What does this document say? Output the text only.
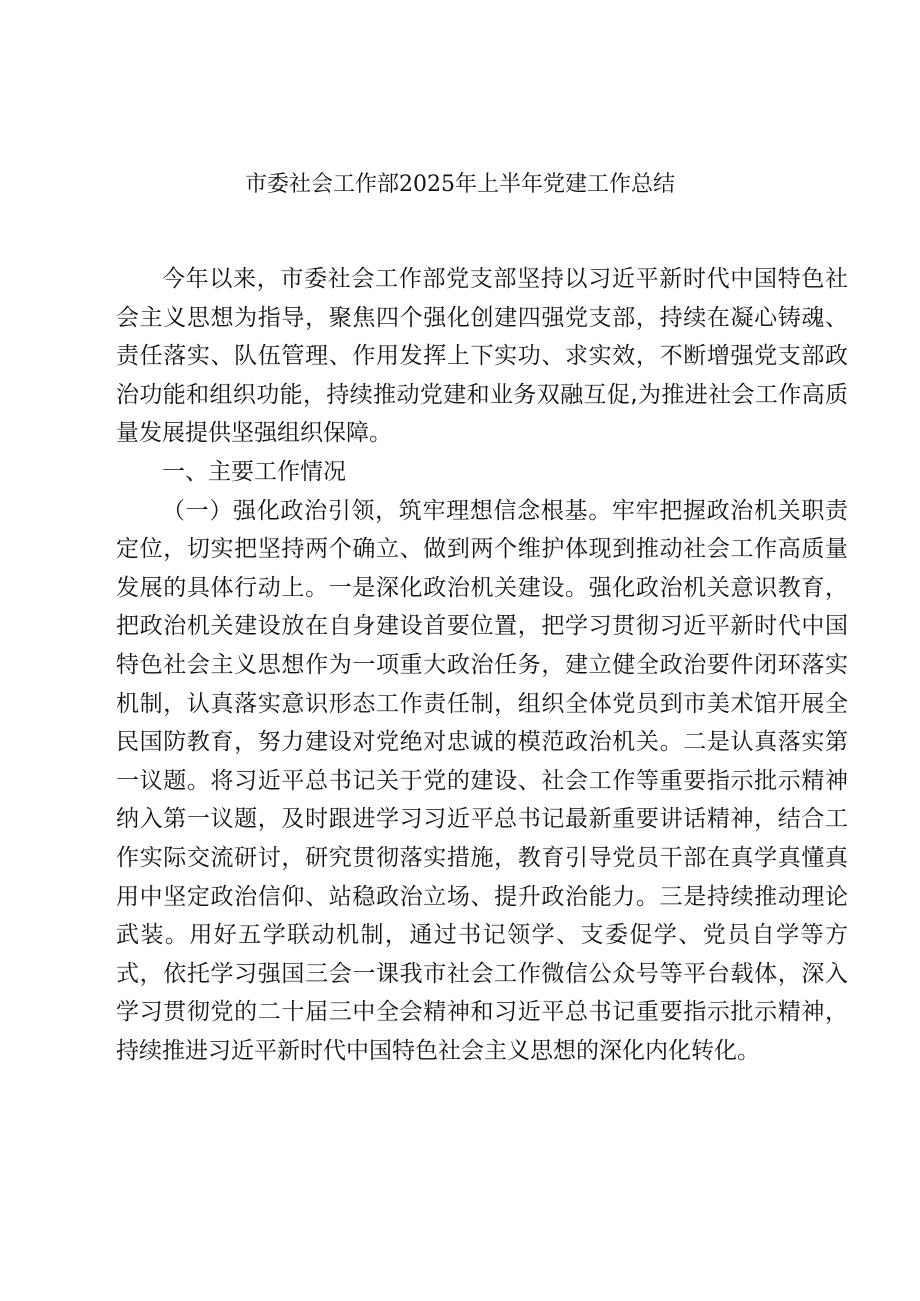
市委社会工作部2025年上半年党建工作总结

今年以来，市委社会工作部党支部坚持以习近平新时代中国特色社会主义思想为指导，聚焦四个强化创建四强党支部，持续在凝心铸魂、责任落实、队伍管理、作用发挥上下实功、求实效，不断增强党支部政治功能和组织功能，持续推动党建和业务双融互促,为推进社会工作高质量发展提供坚强组织保障。

一、主要工作情况

（一）强化政治引领，筑牢理想信念根基。牢牢把握政治机关职责定位，切实把坚持两个确立、做到两个维护体现到推动社会工作高质量发展的具体行动上。一是深化政治机关建设。强化政治机关意识教育，把政治机关建设放在自身建设首要位置，把学习贯彻习近平新时代中国特色社会主义思想作为一项重大政治任务，建立健全政治要件闭环落实机制，认真落实意识形态工作责任制，组织全体党员到市美术馆开展全民国防教育，努力建设对党绝对忠诚的模范政治机关。二是认真落实第一议题。将习近平总书记关于党的建设、社会工作等重要指示批示精神纳入第一议题，及时跟进学习习近平总书记最新重要讲话精神，结合工作实际交流研讨，研究贯彻落实措施，教育引导党员干部在真学真懂真用中坚定政治信仰、站稳政治立场、提升政治能力。三是持续推动理论武装。用好五学联动机制，通过书记领学、支委促学、党员自学等方式，依托学习强国三会一课我市社会工作微信公众号等平台载体，深入学习贯彻党的二十届三中全会精神和习近平总书记重要指示批示精神，持续推进习近平新时代中国特色社会主义思想的深化内化转化。
